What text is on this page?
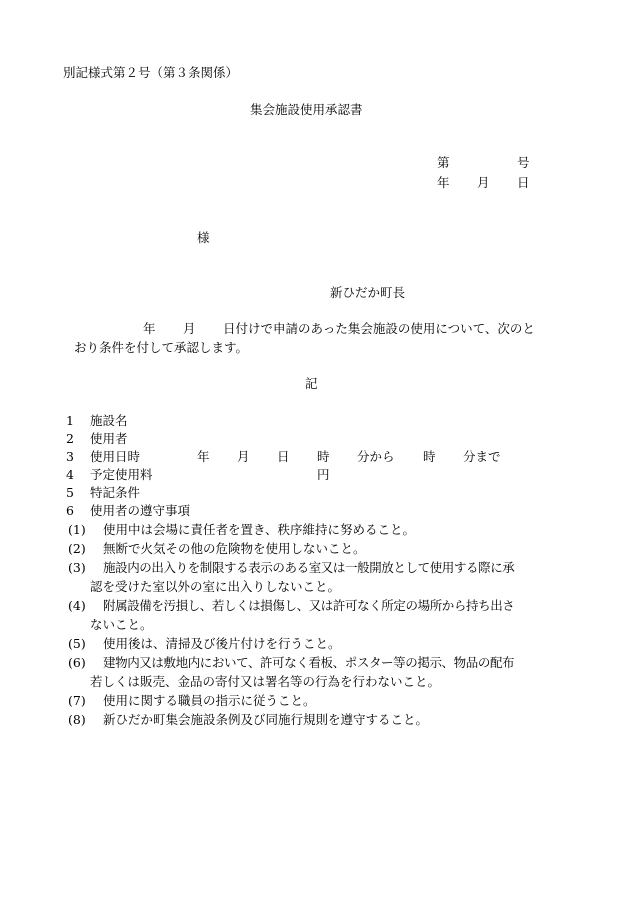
別記様式第２号（第３条関係）
集会施設使用承認書
第	号
年 月 日
様
新ひだか町長
年 月 日付けで申請のあった集会施設の使用について、次のと
おり条件を付して承認します。
記
1 施設名
2 使用者
3 使用日時	年 月 日 時 分から 時 分まで
4 予定使用料	円
5 特記条件
6 使用者の遵守事項
(1) 使用中は会場に責任者を置き、秩序維持に努めること。
(2) 無断で火気その他の危険物を使用しないこと。
(3) 施設内の出入りを制限する表示のある室又は一般開放として使用する際に承
認を受けた室以外の室に出入りしないこと。
(4) 附属設備を汚損し、若しくは損傷し、又は許可なく所定の場所から持ち出さ
ないこと。
(5) 使用後は、清掃及び後片付けを行うこと。
(6) 建物内又は敷地内において、許可なく看板、ポスター等の掲示、物品の配布
若しくは販売、金品の寄付又は署名等の行為を行わないこと。
(7) 使用に関する職員の指示に従うこと。
(8) 新ひだか町集会施設条例及び同施行規則を遵守すること。
